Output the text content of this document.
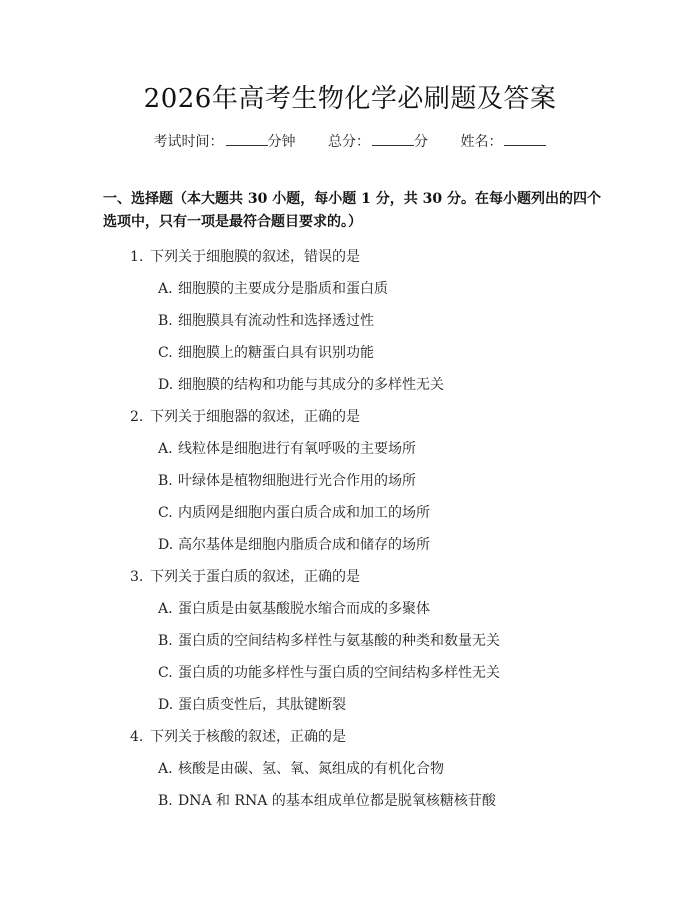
2026年高考生物化学必刷题及答案
考试时间：	分钟 总分：	分 姓名：
一、选择题（本大题共 30 小题，每小题 1 分，共 30 分。在每小题列出的四个选项中，只有一项是最符合题目要求的。）
1. 下列关于细胞膜的叙述，错误的是
A. 细胞膜的主要成分是脂质和蛋白质
B. 细胞膜具有流动性和选择透过性
C. 细胞膜上的糖蛋白具有识别功能
D. 细胞膜的结构和功能与其成分的多样性无关
2. 下列关于细胞器的叙述，正确的是
A. 线粒体是细胞进行有氧呼吸的主要场所
B. 叶绿体是植物细胞进行光合作用的场所
C. 内质网是细胞内蛋白质合成和加工的场所
D. 高尔基体是细胞内脂质合成和储存的场所
3. 下列关于蛋白质的叙述，正确的是
A. 蛋白质是由氨基酸脱水缩合而成的多聚体
B. 蛋白质的空间结构多样性与氨基酸的种类和数量无关
C. 蛋白质的功能多样性与蛋白质的空间结构多样性无关
D. 蛋白质变性后，其肽键断裂
4. 下列关于核酸的叙述，正确的是
A. 核酸是由碳、氢、氧、氮组成的有机化合物
B. DNA 和 RNA 的基本组成单位都是脱氧核糖核苷酸
